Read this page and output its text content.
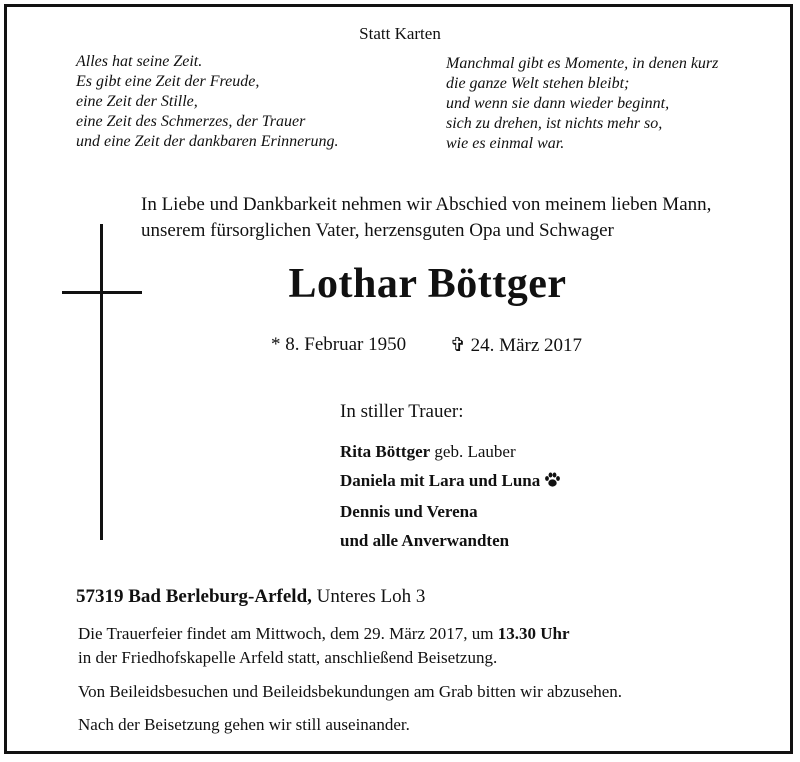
Statt Karten
Alles hat seine Zeit.
Es gibt eine Zeit der Freude,
eine Zeit der Stille,
eine Zeit des Schmerzes, der Trauer
und eine Zeit der dankbaren Erinnerung.
Manchmal gibt es Momente, in denen kurz
die ganze Welt stehen bleibt;
und wenn sie dann wieder beginnt,
sich zu drehen, ist nichts mehr so,
wie es einmal war.
In Liebe und Dankbarkeit nehmen wir Abschied von meinem lieben Mann,
unserem fürsorglichen Vater, herzensguten Opa und Schwager
Lothar Böttger
* 8. Februar 1950 ✞ 24. März 2017
In stiller Trauer:
Rita Böttger geb. Lauber
Daniela mit Lara und Luna
Dennis und Verena
und alle Anverwandten
57319 Bad Berleburg-Arfeld, Unteres Loh 3
Die Trauerfeier findet am Mittwoch, dem 29. März 2017, um 13.30 Uhr
in der Friedhofskapelle Arfeld statt, anschließend Beisetzung.
Von Beileidsbesuchen und Beileidsbekundungen am Grab bitten wir abzusehen.
Nach der Beisetzung gehen wir still auseinander.
